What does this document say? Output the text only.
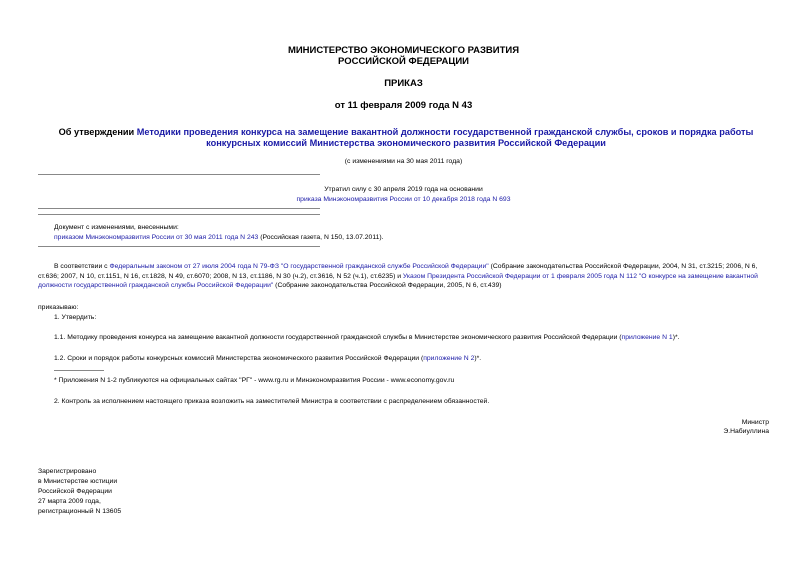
МИНИСТЕРСТВО ЭКОНОМИЧЕСКОГО РАЗВИТИЯ
РОССИЙСКОЙ ФЕДЕРАЦИИ
ПРИКАЗ
от 11 февраля 2009 года N 43
Об утверждении Методики проведения конкурса на замещение вакантной должности государственной гражданской службы, сроков и порядка работы конкурсных комиссий Министерства экономического развития Российской Федерации
(с изменениями на 30 мая 2011 года)
Утратил силу с 30 апреля 2019 года на основании
приказа Минэкономразвития России от 10 декабря 2018 года N 693
Документ с изменениями, внесенными:
приказом Минэкономразвития России от 30 мая 2011 года N 243 (Российская газета, N 150, 13.07.2011).
В соответствии с Федеральным законом от 27 июля 2004 года N 79-ФЗ "О государственной гражданской службе Российской Федерации" (Собрание законодательства Российской Федерации, 2004, N 31, ст.3215; 2006, N 6, ст.636; 2007, N 10, ст.1151, N 16, ст.1828, N 49, ст.6070; 2008, N 13, ст.1186, N 30 (ч.2), ст.3616, N 52 (ч.1), ст.6235) и Указом Президента Российской Федерации от 1 февраля 2005 года N 112 "О конкурсе на замещение вакантной должности государственной гражданской службы Российской Федерации" (Собрание законодательства Российской Федерации, 2005, N 6, ст.439)
приказываю:
1. Утвердить:
1.1. Методику проведения конкурса на замещение вакантной должности государственной гражданской службы в Министерстве экономического развития Российской Федерации (приложение N 1)*.
1.2. Сроки и порядок работы конкурсных комиссий Министерства экономического развития Российской Федерации (приложение N 2)*.
* Приложения N 1-2 публикуются на официальных сайтах "РГ" - www.rg.ru и Минэкономразвития России - www.economy.gov.ru
2. Контроль за исполнением настоящего приказа возложить на заместителей Министра в соответствии с распределением обязанностей.
Министр
Э.Набиуллина
Зарегистрировано
в Министерстве юстиции
Российской Федерации
27 марта 2009 года,
регистрационный N 13605
